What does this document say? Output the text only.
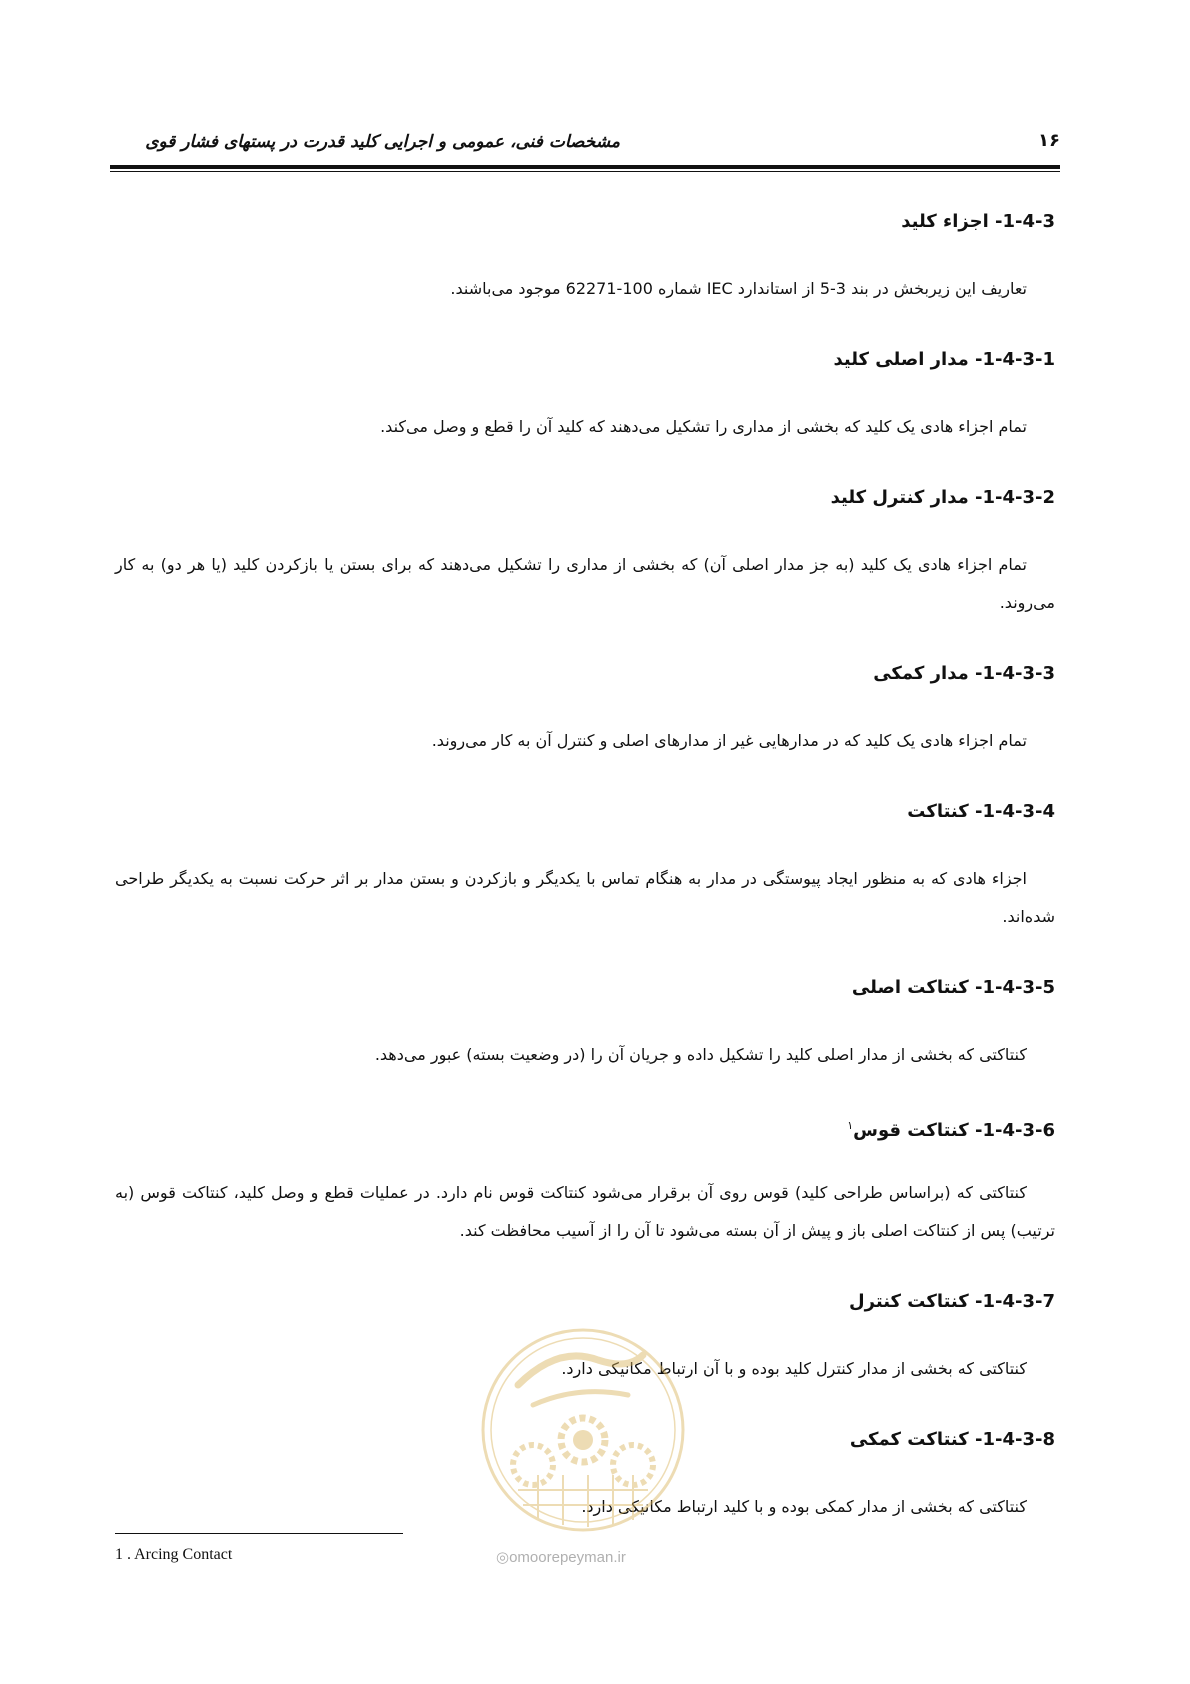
مشخصات فنی، عمومی و اجرایی کلید قدرت در پستهای فشار قوی	۱۶
1-4-3- اجزاء کلید

تعاریف این زیربخش در بند 3-5 از استاندارد IEC شماره 100-62271 موجود می‌باشند.

1-4-3-1- مدار اصلی کلید

تمام اجزاء هادی یک کلید که بخشی از مداری را تشکیل می‌دهند که کلید آن را قطع و وصل می‌کند.

1-4-3-2- مدار کنترل کلید

تمام اجزاء هادی یک کلید (به جز مدار اصلی آن) که بخشی از مداری را تشکیل می‌دهند که برای بستن یا بازکردن کلید (یا هر دو) به کار می‌روند.

1-4-3-3- مدار کمکی

تمام اجزاء هادی یک کلید که در مدارهایی غیر از مدارهای اصلی و کنترل آن به کار می‌روند.

1-4-3-4- کنتاکت

اجزاء هادی که به منظور ایجاد پیوستگی در مدار به هنگام تماس با یکدیگر و بازکردن و بستن مدار بر اثر حرکت نسبت به یکدیگر طراحی شده‌اند.

1-4-3-5- کنتاکت اصلی

کنتاکتی که بخشی از مدار اصلی کلید را تشکیل داده و جریان آن را (در وضعیت بسته) عبور می‌دهد.

1-4-3-6- کنتاکت قوس$^۱$

کنتاکتی که (براساس طراحی کلید) قوس روی آن برقرار می‌شود کنتاکت قوس نام دارد. در عملیات قطع و وصل کلید، کنتاکت قوس (به ترتیب) پس از کنتاکت اصلی باز و پیش از آن بسته می‌شود تا آن را از آسیب محافظت کند.

1-4-3-7- کنتاکت کنترل

کنتاکتی که بخشی از مدار کنترل کلید بوده و با آن ارتباط مکانیکی دارد.

1-4-3-8- کنتاکت کمکی

کنتاکتی که بخشی از مدار کمکی بوده و با کلید ارتباط مکانیکی دارد.

◎omoorepeyman.ir
1 . Arcing Contact
